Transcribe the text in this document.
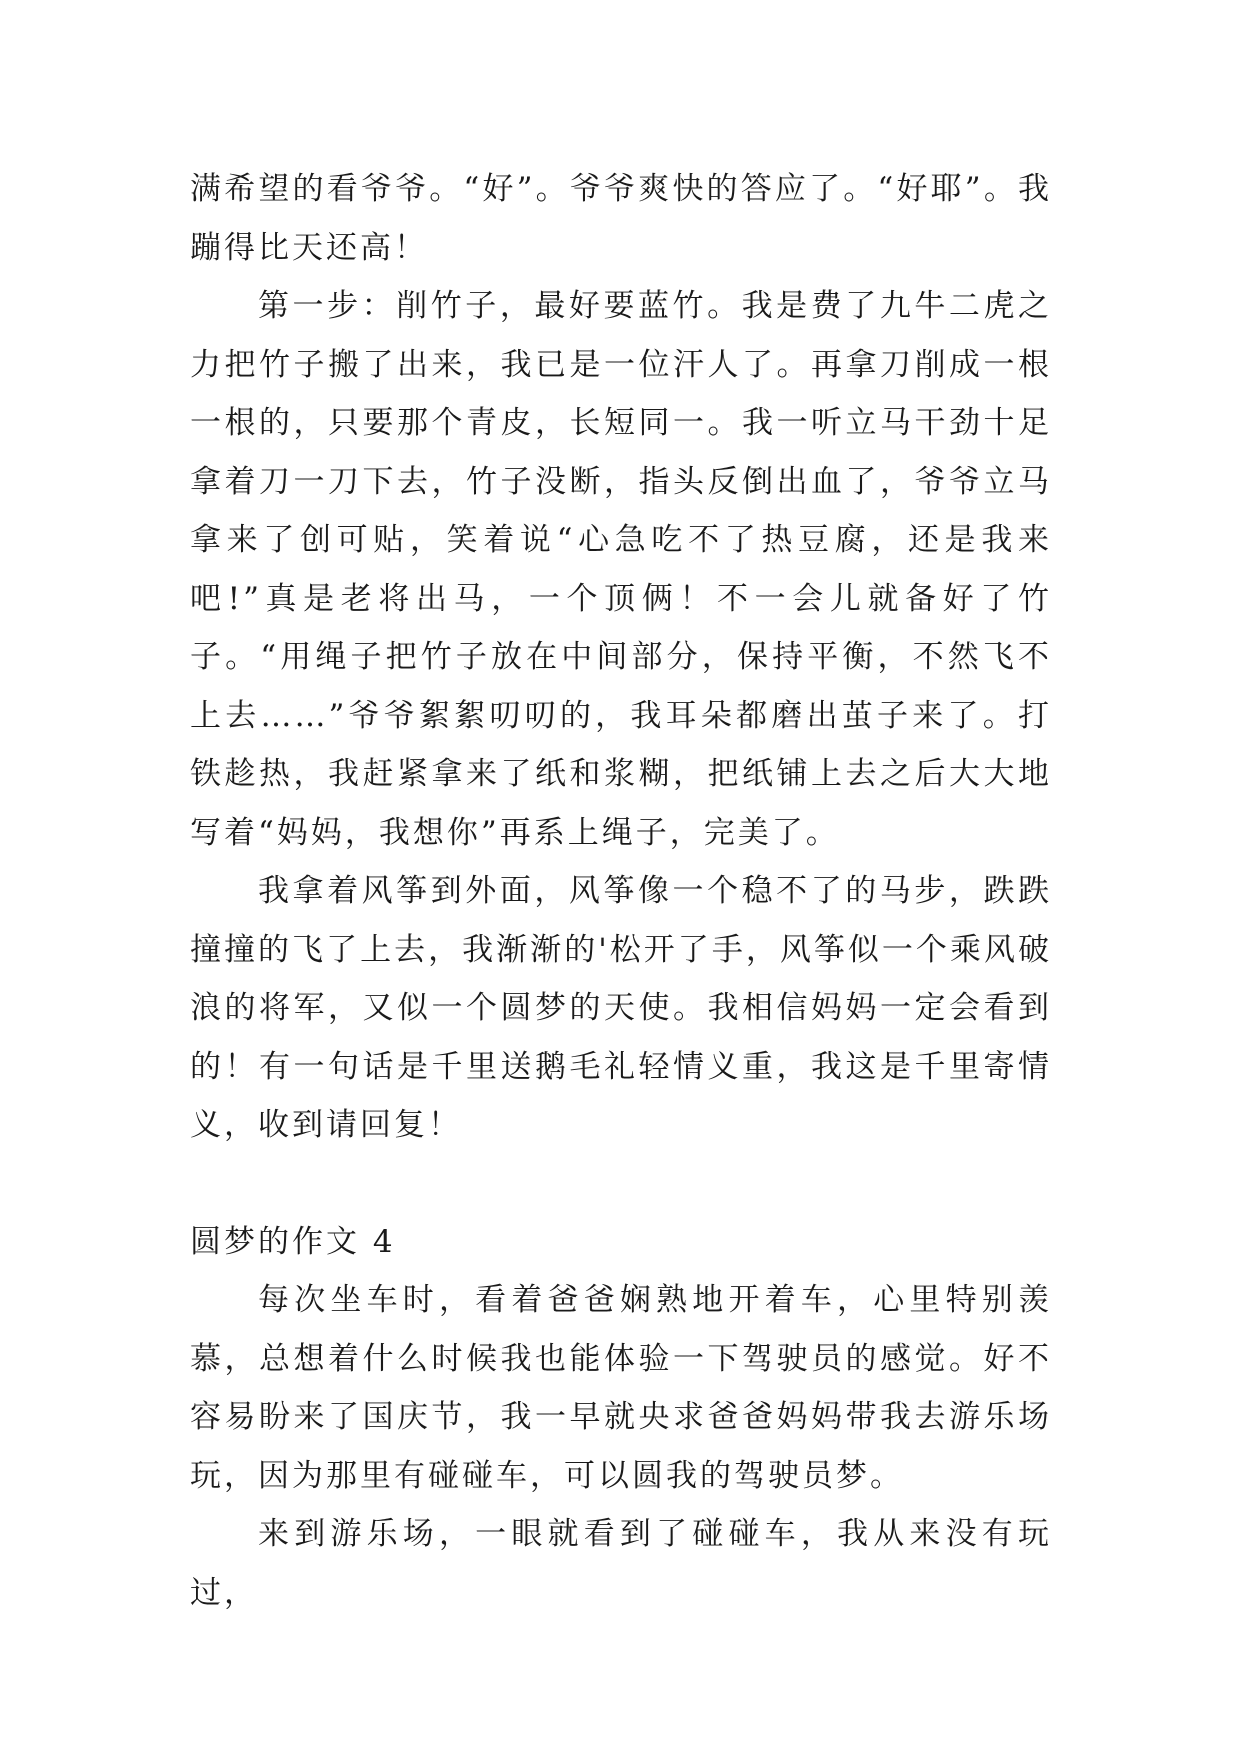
满希望的看爷爷。“好”。爷爷爽快的答应了。“好耶”。我蹦得比天还高！

第一步：削竹子，最好要蓝竹。我是费了九牛二虎之力把竹子搬了出来，我已是一位汗人了。再拿刀削成一根一根的，只要那个青皮，长短同一。我一听立马干劲十足拿着刀一刀下去，竹子没断，指头反倒出血了，爷爷立马拿来了创可贴，笑着说“心急吃不了热豆腐，还是我来吧!”真是老将出马，一个顶俩！不一会儿就备好了竹子。“用绳子把竹子放在中间部分，保持平衡，不然飞不上去……”爷爷絮絮叨叨的，我耳朵都磨出茧子来了。打铁趁热，我赶紧拿来了纸和浆糊，把纸铺上去之后大大地写着“妈妈，我想你”再系上绳子，完美了。

我拿着风筝到外面，风筝像一个稳不了的马步，跌跌撞撞的飞了上去，我渐渐的'松开了手，风筝似一个乘风破浪的将军，又似一个圆梦的天使。我相信妈妈一定会看到的！有一句话是千里送鹅毛礼轻情义重，我这是千里寄情义，收到请回复！

圆梦的作文 4

每次坐车时，看着爸爸娴熟地开着车，心里特别羡慕，总想着什么时候我也能体验一下驾驶员的感觉。好不容易盼来了国庆节，我一早就央求爸爸妈妈带我去游乐场玩，因为那里有碰碰车，可以圆我的驾驶员梦。

来到游乐场，一眼就看到了碰碰车，我从来没有玩过，
